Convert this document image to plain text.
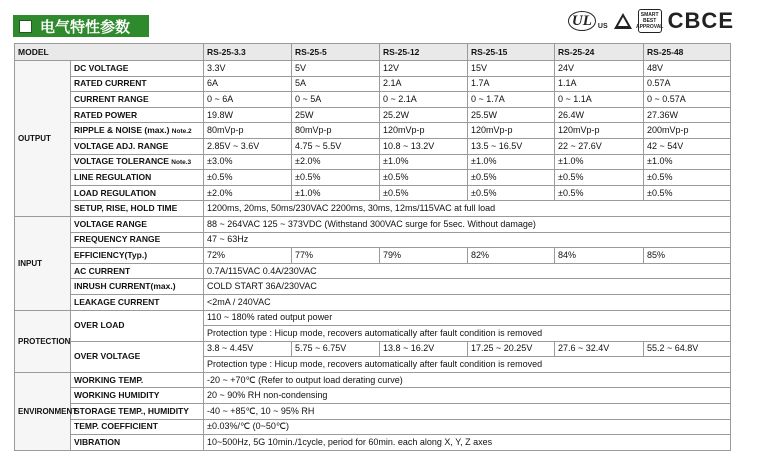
电气特性参数	UL US
SMART BEST APPROVAL CBCE
MODEL		RS-25-3.3	RS-25-5	RS-25-12	RS-25-15	RS-25-24	RS-25-48
OUTPUT	DC VOLTAGE	3.3V	5V	12V	15V	24V	48V
	RATED CURRENT	6A	5A	2.1A	1.7A	1.1A	0.57A
	CURRENT RANGE	0 ~ 6A	0 ~ 5A	0 ~ 2.1A	0 ~ 1.7A	0 ~ 1.1A	0 ~ 0.57A
	RATED POWER	19.8W	25W	25.2W	25.5W	26.4W	27.36W
	RIPPLE & NOISE (max.) Note.2	80mVp-p	80mVp-p	120mVp-p	120mVp-p	120mVp-p	200mVp-p
	VOLTAGE ADJ. RANGE	2.85V ~ 3.6V	4.75 ~ 5.5V	10.8 ~ 13.2V	13.5 ~ 16.5V	22 ~ 27.6V	42 ~ 54V
	VOLTAGE TOLERANCE Note.3	±3.0%	±2.0%	±1.0%	±1.0%	±1.0%	±1.0%
	LINE REGULATION	±0.5%	±0.5%	±0.5%	±0.5%	±0.5%	±0.5%
	LOAD REGULATION	±2.0%	±1.0%	±0.5%	±0.5%	±0.5%	±0.5%
	SETUP, RISE, HOLD TIME	1200ms, 20ms, 50ms/230VAC 2200ms, 30ms, 12ms/115VAC at full load					
INPUT	VOLTAGE RANGE	88 ~ 264VAC 125 ~ 373VDC (Withstand 300VAC surge for 5sec. Without damage)					
	FREQUENCY RANGE	47 ~ 63Hz					
	EFFICIENCY(Typ.)	72%	77%	79%	82%	84%	85%
	AC CURRENT	0.7A/115VAC 0.4A/230VAC					
	INRUSH CURRENT(max.)	COLD START 36A/230VAC					
	LEAKAGE CURRENT	<2mA / 240VAC					
PROTECTION	OVER LOAD	110 ~ 180% rated output power					
		Protection type : Hicup mode, recovers automatically after fault condition is removed					
	OVER VOLTAGE	3.8 ~ 4.45V	5.75 ~ 6.75V	13.8 ~ 16.2V	17.25 ~ 20.25V	27.6 ~ 32.4V	55.2 ~ 64.8V
		Protection type : Hicup mode, recovers automatically after fault condition is removed					
ENVIRONMENT	WORKING TEMP.	-20 ~ +70℃ (Refer to output load derating curve)					
	WORKING HUMIDITY	20 ~ 90% RH non-condensing					
	STORAGE TEMP., HUMIDITY	-40 ~ +85℃, 10 ~ 95% RH					
	TEMP. COEFFICIENT	±0.03%/℃ (0~50℃)					
	VIBRATION	10~500Hz, 5G 10min./1cycle, period for 60min. each along X, Y, Z axes					
